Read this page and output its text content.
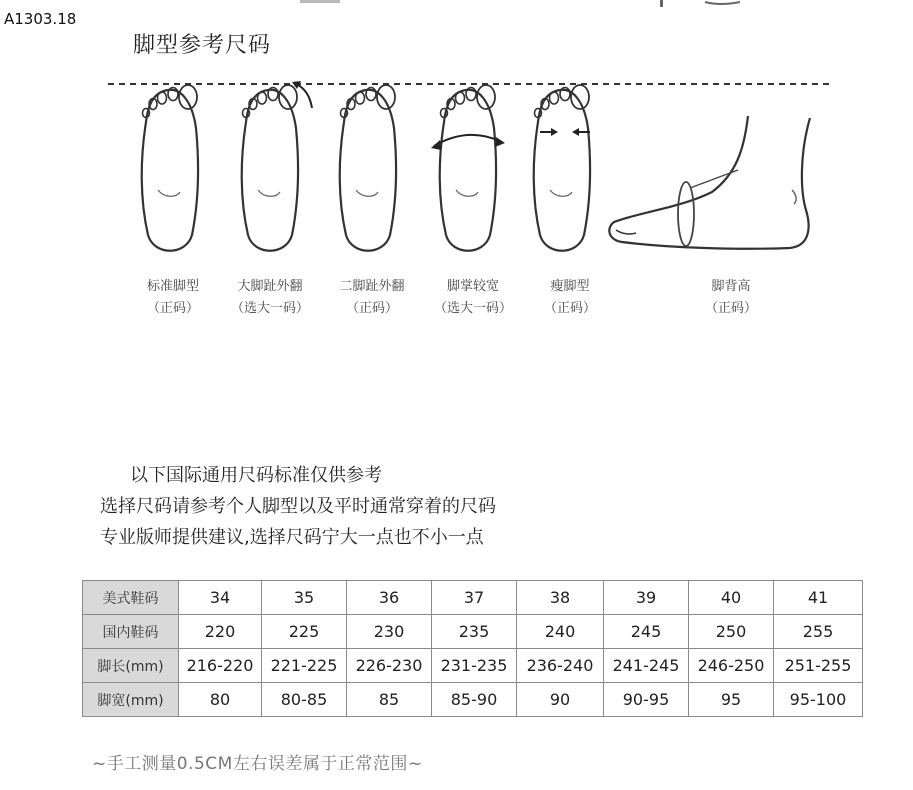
A1303.18
脚型参考尺码
标准脚型
（正码）
大脚趾外翻
（选大一码）
二脚趾外翻
（正码）
脚掌较宽
（选大一码）
瘦脚型
（正码）
脚背高
（正码）
以下国际通用尺码标准仅供参考
选择尺码请参考个人脚型以及平时通常穿着的尺码
专业版师提供建议,选择尺码宁大一点也不小一点
美式鞋码	34	35	36	37	38	39	40	41
国内鞋码	220	225	230	235	240	245	250	255
脚长(mm)	216-220	221-225	226-230	231-235	236-240	241-245	246-250	251-255
脚宽(mm)	80	80-85	85	85-90	90	90-95	95	95-100
~手工测量0.5CM左右误差属于正常范围~
